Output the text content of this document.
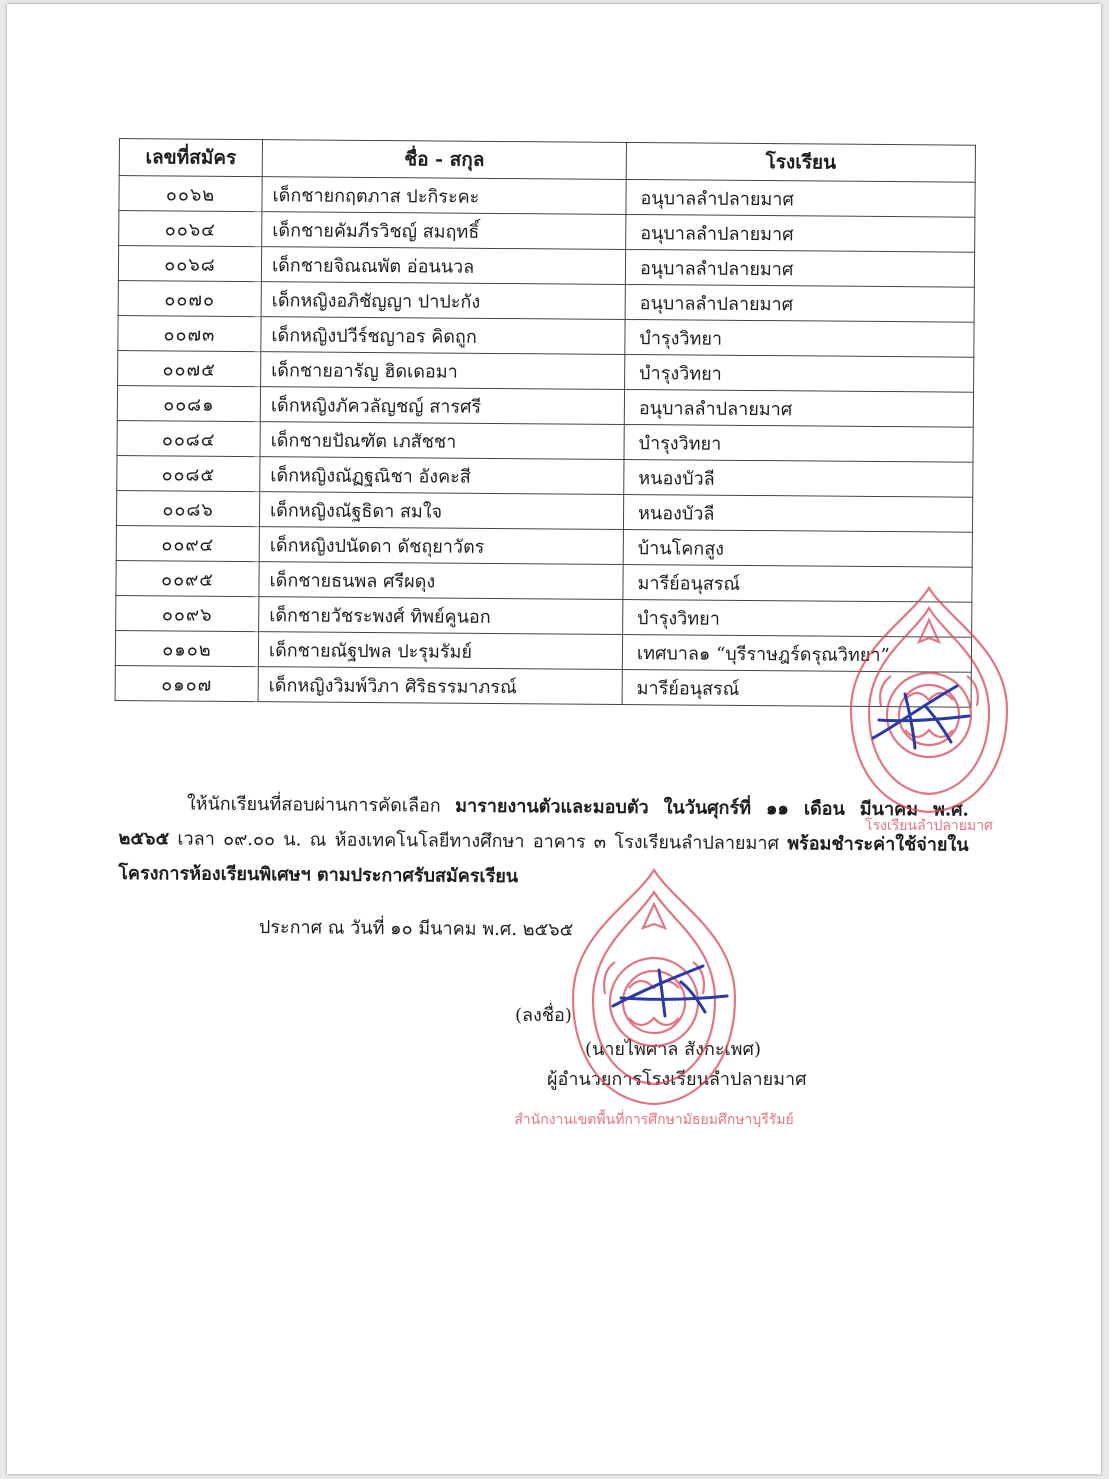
เลขที่สมัคร	ชื่อ - สกุล	โรงเรียน
๐๐๖๒	เด็กชายกฤตภาส ปะกิระคะ	อนุบาลลำปลายมาศ
๐๐๖๔	เด็กชายคัมภีรวิชญ์ สมฤทธิ์	อนุบาลลำปลายมาศ
๐๐๖๘	เด็กชายจิณณพัต อ่อนนวล	อนุบาลลำปลายมาศ
๐๐๗๐	เด็กหญิงอภิชัญญา ปาปะกัง	อนุบาลลำปลายมาศ
๐๐๗๓	เด็กหญิงปวีร์ชญาอร คิดถูก	บำรุงวิทยา
๐๐๗๕	เด็กชายอารัญ ฮิดเดอมา	บำรุงวิทยา
๐๐๘๑	เด็กหญิงภัควลัญชญ์ สารศรี	อนุบาลลำปลายมาศ
๐๐๘๔	เด็กชายปัณฑัต เภสัชชา	บำรุงวิทยา
๐๐๘๕	เด็กหญิงณัฏฐณิชา อังคะสี	หนองบัวลี
๐๐๘๖	เด็กหญิงณัฐธิดา สมใจ	หนองบัวลี
๐๐๙๔	เด็กหญิงปนัดดา ดัชถุยาวัตร	บ้านโคกสูง
๐๐๙๕	เด็กชายธนพล ศรีผดุง	มารีย์อนุสรณ์
๐๐๙๖	เด็กชายวัชระพงศ์ ทิพย์คูนอก	บำรุงวิทยา
๐๑๐๒	เด็กชายณัฐปพล ปะรุมรัมย์	เทศบาล๑ “บุรีราษฎร์ดรุณวิทยา”
๐๑๐๗	เด็กหญิงวิมพ์วิภา ศิริธรรมาภรณ์	มารีย์อนุสรณ์
ให้นักเรียนที่สอบผ่านการคัดเลือก มารายงานตัวและมอบตัว ในวันศุกร์ที่ ๑๑ เดือน มีนาคม พ.ศ. ๒๕๖๕ เวลา ๐๙.๐๐ น. ณ ห้องเทคโนโลยีทางศึกษา อาคาร ๓ โรงเรียนลำปลายมาศ พร้อมชำระค่าใช้จ่ายในโครงการห้องเรียนพิเศษฯ ตามประกาศรับสมัครเรียน
ประกาศ ณ วันที่ ๑๐ มีนาคม พ.ศ. ๒๕๖๕
(ลงชื่อ)
(นายไพศาล สังกะเพศ)
ผู้อำนวยการโรงเรียนลำปลายมาศ
โรงเรียนลำปลายมาศ
สำนักงานเขตพื้นที่การศึกษามัธยมศึกษาบุรีรัมย์
